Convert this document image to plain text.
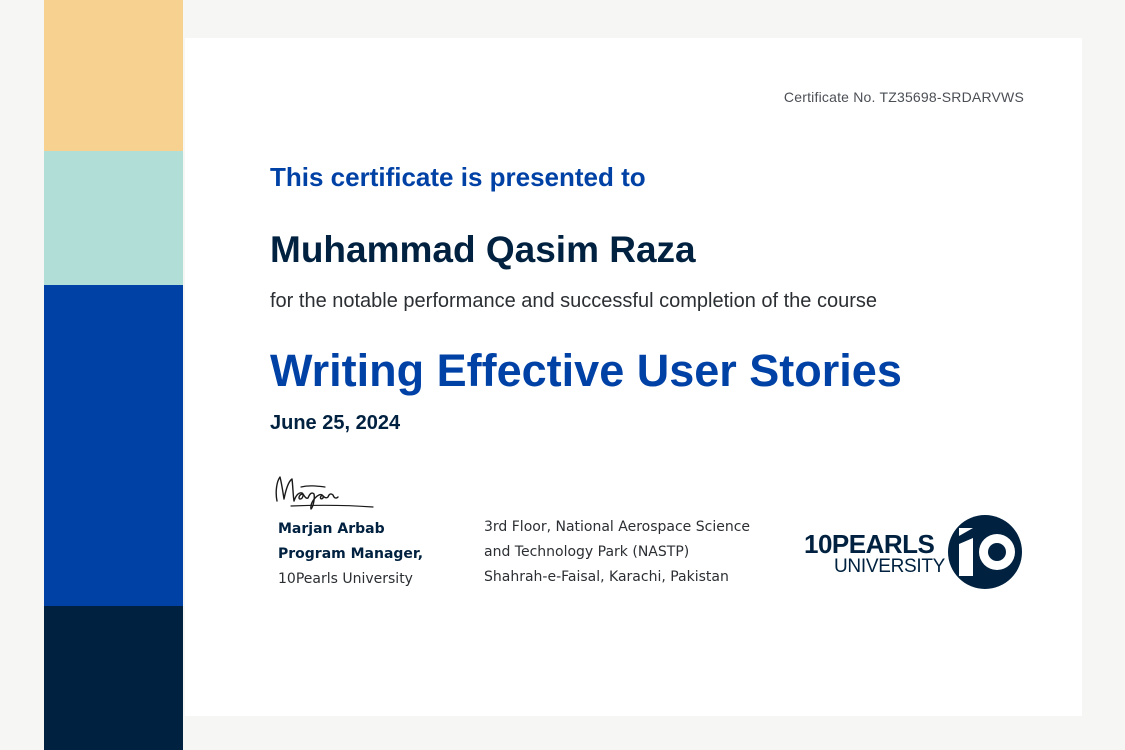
Certificate No. TZ35698-SRDARVWS
This certificate is presented to
Muhammad Qasim Raza
for the notable performance and successful completion of the course
Writing Effective User Stories
June 25, 2024
Marjan Arbab
Program Manager,
10Pearls University
3rd Floor, National Aerospace Science
and Technology Park (NASTP)
Shahrah-e-Faisal, Karachi, Pakistan
10PEARLS
UNIVERSITY
